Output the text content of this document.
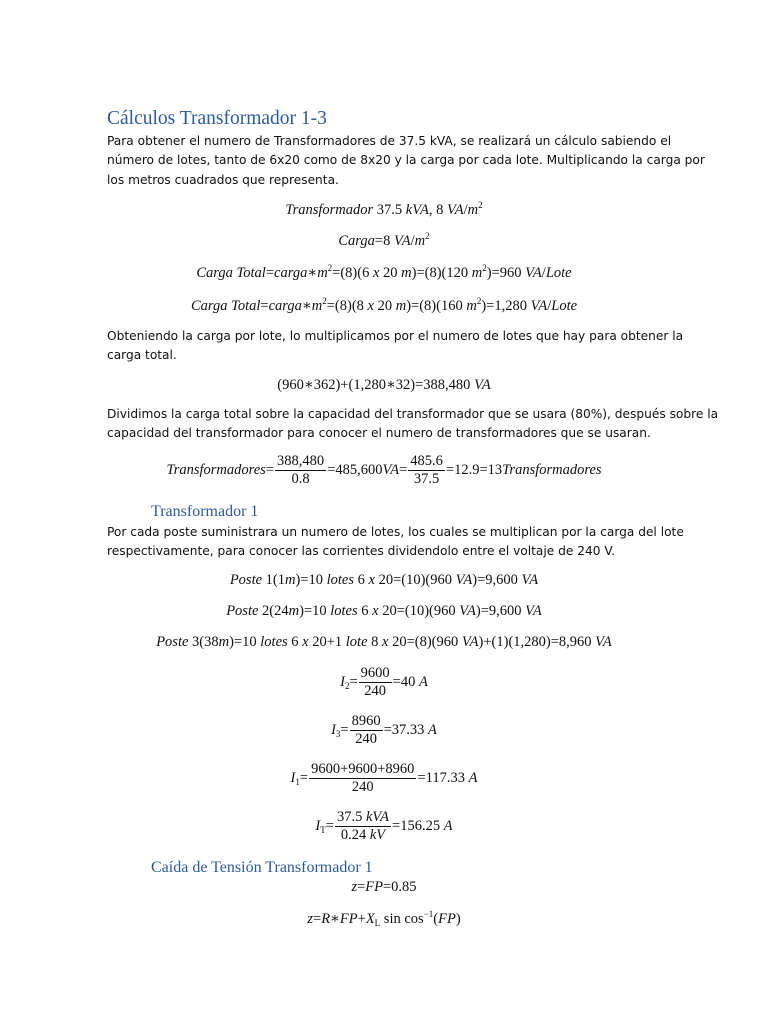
Cálculos Transformador 1-3
Para obtener el numero de Transformadores de 37.5 kVA, se realizará un cálculo sabiendo el
número de lotes, tanto de 6x20 como de 8x20 y la carga por cada lote. Multiplicando la carga por
los metros cuadrados que representa.
Transformador 37.5 kVA, 8 $VA/m^2$
Carga=8 $VA/m^2$
Carga $Total=carga∗m^2=(8)(6$ x 20 m)=(8)(120 $m^2)=960$ VA/Lote
Carga $Total=carga∗m^2=(8)(8$ x 20 m)=(8)(160 $m^2)=1,280$ VA/Lote
Obteniendo la carga por lote, lo multiplicamos por el numero de lotes que hay para obtener la
carga total.
(960∗362)+(1,280∗32)=388,480 VA
Dividimos la carga total sobre la capacidad del transformador que se usara (80%), después sobre la
capacidad del transformador para conocer el numero de transformadores que se usaran.
Transformadores= $\frac{388,480}{0.8} =485,600VA= \frac{485.6}{37.5}$ =12.9=13Transformadores
Transformador 1
Por cada poste suministrara un numero de lotes, los cuales se multiplican por la carga del lote
respectivamente, para conocer las corrientes dividendolo entre el voltaje de 240 V.
Poste 1(1m)=10 lotes 6 x 20=(10)(960 VA)=9,600 VA
Poste 2(24m)=10 lotes 6 x 20=(10)(960 VA)=9,600 VA
Poste 3(38m)=10 lotes 6 x 20+1 lote 8 x 20=(8)(960 VA)+(1)(1,280)=8,960 VA
$I_2= \frac{9600}{240} =40$ A
$I_3= \frac{8960}{240} =37.33$ A
$I_1= \frac{9600+9600+8960}{240} =117.33$ A
$I_T= \frac{\text{37.5 kVA}}{0.24 kV} =156.25$ A
Caída de Tensión Transformador 1
z=FP=0.85
$z=R∗FP+X_L$ $\sin \cos^{-1}(FP)$
